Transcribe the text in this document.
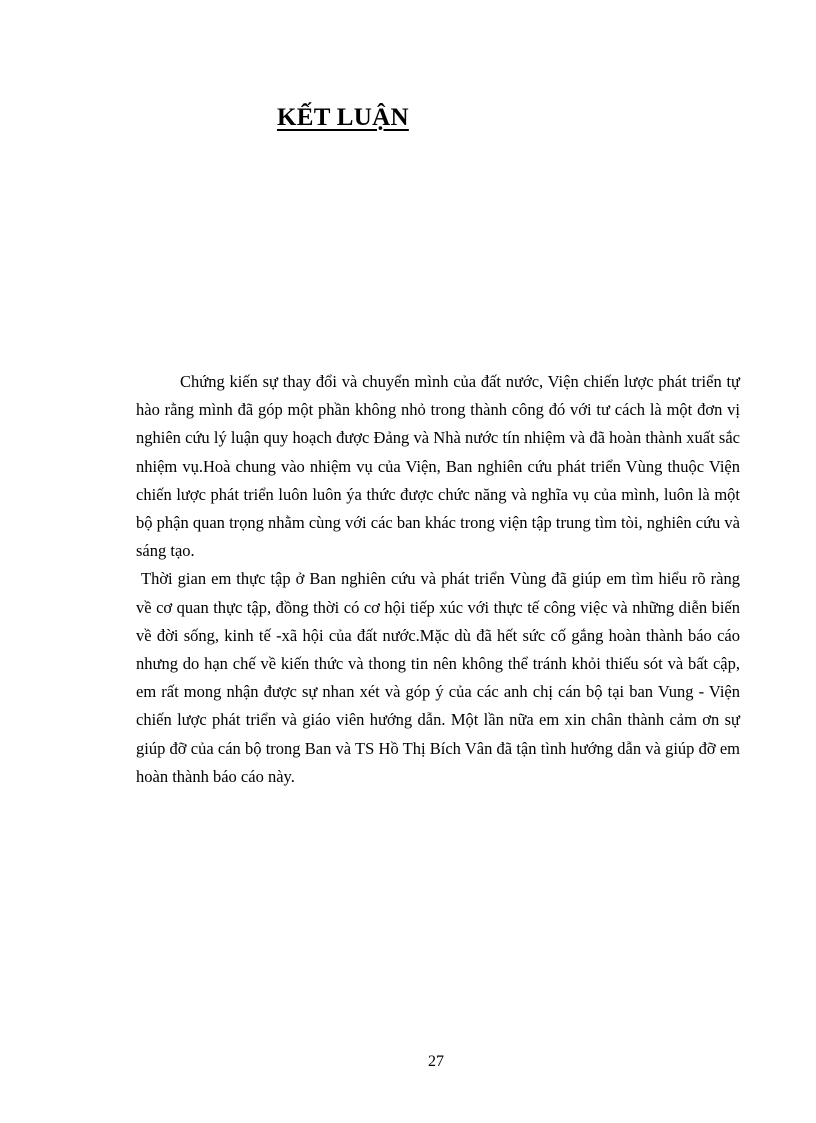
KẾT LUẬN

Chứng kiến sự thay đổi và chuyển mình của đất nước, Viện chiến lược phát triển tự hào rằng mình đã góp một phần không nhỏ trong thành công đó với tư cách là một đơn vị nghiên cứu lý luận quy hoạch được Đảng và Nhà nước tín nhiệm và đã hoàn thành xuất sắc nhiệm vụ.Hoà chung vào nhiệm vụ của Viện, Ban nghiên cứu phát triển Vùng thuộc Viện chiến lược phát triển luôn luôn ýa thức được chức năng và nghĩa vụ của mình, luôn là một bộ phận quan trọng nhằm cùng với các ban khác trong viện tập trung tìm tòi, nghiên cứu và sáng tạo.

Thời gian em thực tập ở Ban nghiên cứu và phát triển Vùng đã giúp em tìm hiểu rõ ràng về cơ quan thực tập, đồng thời có cơ hội tiếp xúc với thực tế công việc và những diễn biến về đời sống, kinh tế -xã hội của đất nước.Mặc dù đã hết sức cố gắng hoàn thành báo cáo nhưng do hạn chế về kiến thức và thong tin nên không thể tránh khỏi thiếu sót và bất cập, em rất mong nhận được sự nhan xét và góp ý của các anh chị cán bộ tại ban Vung - Viện chiến lược phát triển và giáo viên hướng dẫn. Một lần nữa em xin chân thành cảm ơn sự giúp đỡ của cán bộ trong Ban và TS Hồ Thị Bích Vân đã tận tình hướng dẫn và giúp đỡ em hoàn thành báo cáo này.

27
